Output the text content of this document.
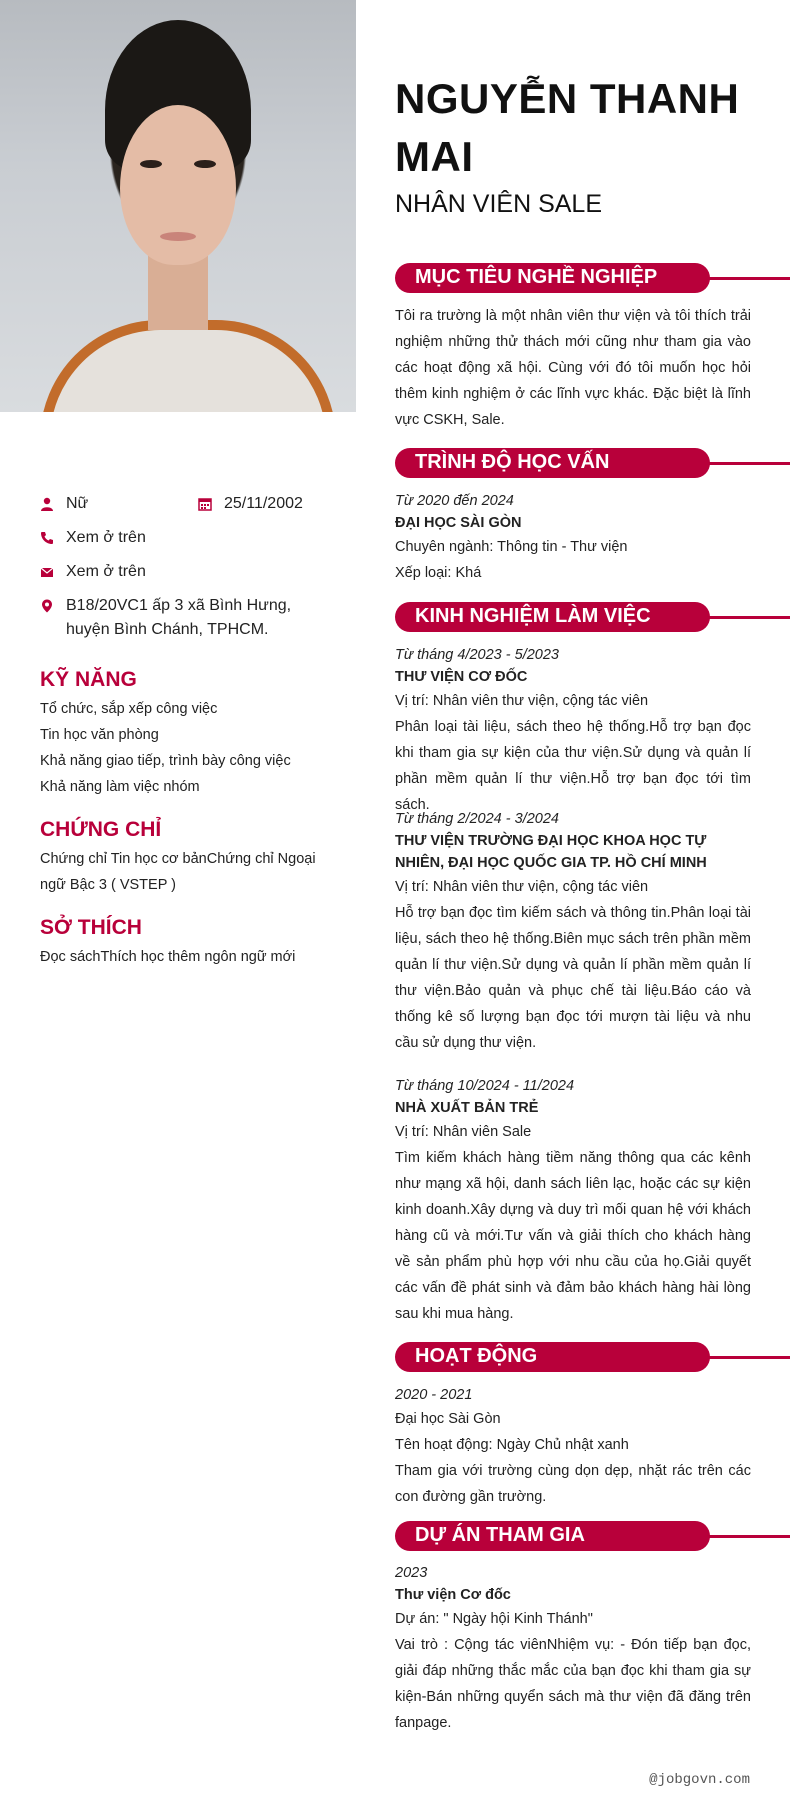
Nữ	25/11/2002
Xem ở trên
Xem ở trên
B18/20VC1 ấp 3 xã Bình Hưng, huyện Bình Chánh, TPHCM.
KỸ NĂNG
Tổ chức, sắp xếp công việc
Tin học văn phòng
Khả năng giao tiếp, trình bày công việc
Khả năng làm việc nhóm
CHỨNG CHỈ
Chứng chỉ Tin học cơ bảnChứng chỉ Ngoại ngữ Bậc 3 ( VSTEP )
SỞ THÍCH
Đọc sáchThích học thêm ngôn ngữ mới
NGUYỄN THANH MAI
NHÂN VIÊN SALE
MỤC TIÊU NGHỀ NGHIỆP
Tôi ra trường là một nhân viên thư viện và tôi thích trải nghiệm những thử thách mới cũng như tham gia vào các hoạt động xã hội. Cùng với đó tôi muốn học hỏi thêm kinh nghiệm ở các lĩnh vực khác. Đặc biệt là lĩnh vực CSKH, Sale.
TRÌNH ĐỘ HỌC VẤN
Từ 2020 đến 2024
ĐẠI HỌC SÀI GÒN
Chuyên ngành: Thông tin - Thư viện
Xếp loại: Khá
KINH NGHIỆM LÀM VIỆC
Từ tháng 4/2023 - 5/2023
THƯ VIỆN CƠ ĐỐC
Vị trí: Nhân viên thư viện, cộng tác viên
Phân loại tài liệu, sách theo hệ thống.Hỗ trợ bạn đọc khi tham gia sự kiện của thư viện.Sử dụng và quản lí phần mềm quản lí thư viện.Hỗ trợ bạn đọc tới tìm sách.
Từ tháng 2/2024 - 3/2024
THƯ VIỆN TRƯỜNG ĐẠI HỌC KHOA HỌC TỰ NHIÊN, ĐẠI HỌC QUỐC GIA TP. HỒ CHÍ MINH
Vị trí: Nhân viên thư viện, cộng tác viên
Hỗ trợ bạn đọc tìm kiếm sách và thông tin.Phân loại tài liệu, sách theo hệ thống.Biên mục sách trên phần mềm quản lí thư viện.Sử dụng và quản lí phần mềm quản lí thư viện.Bảo quản và phục chế tài liệu.Báo cáo và thống kê số lượng bạn đọc tới mượn tài liệu và nhu cầu sử dụng thư viện.
Từ tháng 10/2024 - 11/2024
NHÀ XUẤT BẢN TRẺ
Vị trí: Nhân viên Sale
Tìm kiếm khách hàng tiềm năng thông qua các kênh như mạng xã hội, danh sách liên lạc, hoặc các sự kiện kinh doanh.Xây dựng và duy trì mối quan hệ với khách hàng cũ và mới.Tư vấn và giải thích cho khách hàng về sản phẩm phù hợp với nhu cầu của họ.Giải quyết các vấn đề phát sinh và đảm bảo khách hàng hài lòng sau khi mua hàng.
HOẠT ĐỘNG
2020 - 2021
Đại học Sài Gòn
Tên hoạt động: Ngày Chủ nhật xanh
Tham gia với trường cùng dọn dẹp, nhặt rác trên các con đường gần trường.
DỰ ÁN THAM GIA
2023
Thư viện Cơ đốc
Dự án: " Ngày hội Kinh Thánh"
Vai trò : Cộng tác viênNhiệm vụ: - Đón tiếp bạn đọc, giải đáp những thắc mắc của bạn đọc khi tham gia sự kiện-Bán những quyển sách mà thư viện đã đăng trên fanpage.
@jobgovn.com
